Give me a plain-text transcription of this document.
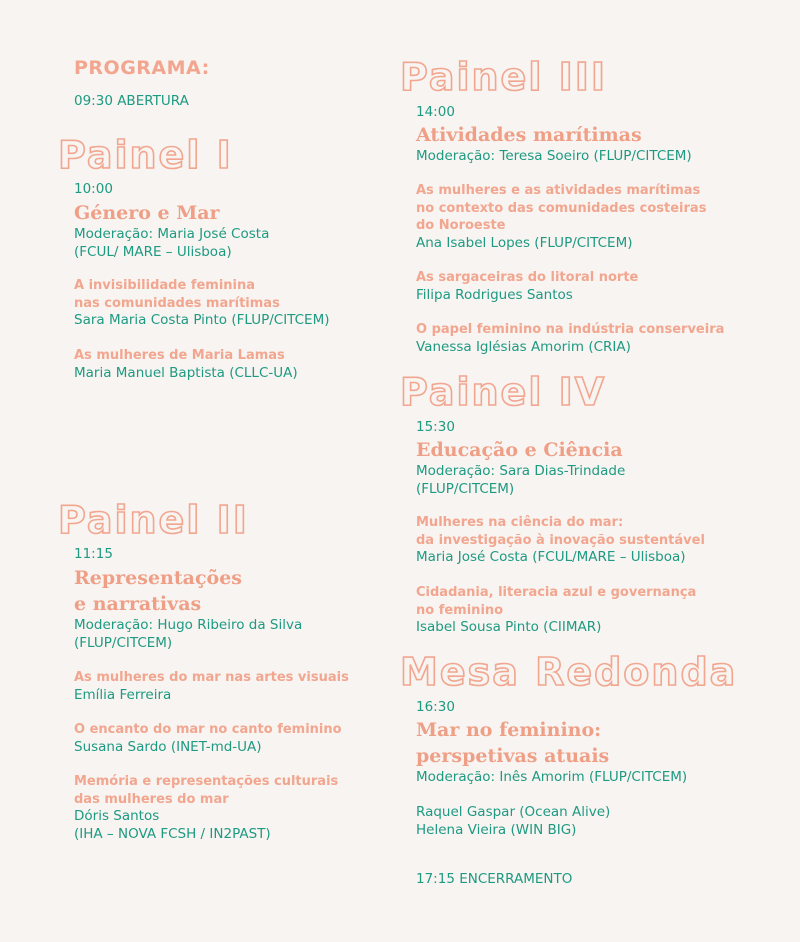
PROGRAMA:
09:30 ABERTURA
Painel I
10:00
Género e Mar
Moderação: Maria José Costa
(FCUL/ MARE – Ulisboa)
A invisibilidade feminina
nas comunidades marítimas
Sara Maria Costa Pinto (FLUP/CITCEM)
As mulheres de Maria Lamas
Maria Manuel Baptista (CLLC-UA)
Painel II
11:15
Representações
e narrativas
Moderação: Hugo Ribeiro da Silva
(FLUP/CITCEM)
As mulheres do mar nas artes visuais
Emília Ferreira
O encanto do mar no canto feminino
Susana Sardo (INET-md-UA)
Memória e representações culturais
das mulheres do mar
Dóris Santos
(IHA – NOVA FCSH / IN2PAST)
Painel III
14:00
Atividades marítimas
Moderação: Teresa Soeiro (FLUP/CITCEM)
As mulheres e as atividades marítimas
no contexto das comunidades costeiras
do Noroeste
Ana Isabel Lopes (FLUP/CITCEM)
As sargaceiras do litoral norte
Filipa Rodrigues Santos
O papel feminino na indústria conserveira
Vanessa Iglésias Amorim (CRIA)
Painel IV
15:30
Educação e Ciência
Moderação: Sara Dias-Trindade
(FLUP/CITCEM)
Mulheres na ciência do mar:
da investigação à inovação sustentável
Maria José Costa (FCUL/MARE – Ulisboa)
Cidadania, literacia azul e governança
no feminino
Isabel Sousa Pinto (CIIMAR)
Mesa Redonda
16:30
Mar no feminino:
perspetivas atuais
Moderação: Inês Amorim (FLUP/CITCEM)
Raquel Gaspar (Ocean Alive)
Helena Vieira (WIN BIG)
17:15 ENCERRAMENTO
